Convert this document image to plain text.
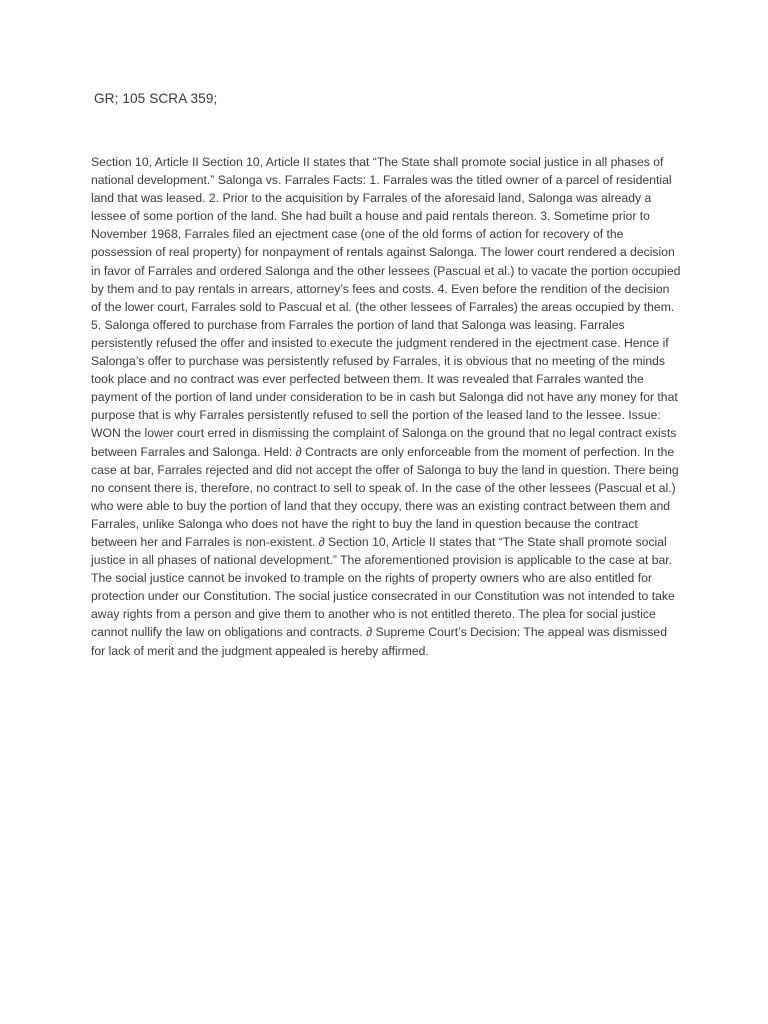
GR; 105 SCRA 359;

Section 10, Article II Section 10, Article II states that “The State shall promote social justice in all phases of national development.” Salonga vs. Farrales Facts: 1. Farrales was the titled owner of a parcel of residential land that was leased. 2. Prior to the acquisition by Farrales of the aforesaid land, Salonga was already a lessee of some portion of the land. She had built a house and paid rentals thereon. 3. Sometime prior to November 1968, Farrales filed an ejectment case (one of the old forms of action for recovery of the possession of real property) for nonpayment of rentals against Salonga. The lower court rendered a decision in favor of Farrales and ordered Salonga and the other lessees (Pascual et al.) to vacate the portion occupied by them and to pay rentals in arrears, attorney’s fees and costs. 4. Even before the rendition of the decision of the lower court, Farrales sold to Pascual et al. (the other lessees of Farrales) the areas occupied by them. 5. Salonga offered to purchase from Farrales the portion of land that Salonga was leasing. Farrales persistently refused the offer and insisted to execute the judgment rendered in the ejectment case. Hence if Salonga’s offer to purchase was persistently refused by Farrales, it is obvious that no meeting of the minds took place and no contract was ever perfected between them. It was revealed that Farrales wanted the payment of the portion of land under consideration to be in cash but Salonga did not have any money for that purpose that is why Farrales persistently refused to sell the portion of the leased land to the lessee. Issue: WON the lower court erred in dismissing the complaint of Salonga on the ground that no legal contract exists between Farrales and Salonga. Held: ∂ Contracts are only enforceable from the moment of perfection. In the case at bar, Farrales rejected and did not accept the offer of Salonga to buy the land in question. There being no consent there is, therefore, no contract to sell to speak of. In the case of the other lessees (Pascual et al.) who were able to buy the portion of land that they occupy, there was an existing contract between them and Farrales, unlike Salonga who does not have the right to buy the land in question because the contract between her and Farrales is non-existent. ∂ Section 10, Article II states that “The State shall promote social justice in all phases of national development.” The aforementioned provision is applicable to the case at bar. The social justice cannot be invoked to trample on the rights of property owners who are also entitled for protection under our Constitution. The social justice consecrated in our Constitution was not intended to take away rights from a person and give them to another who is not entitled thereto. The plea for social justice cannot nullify the law on obligations and contracts. ∂ Supreme Court’s Decision: The appeal was dismissed for lack of merit and the judgment appealed is hereby affirmed.
